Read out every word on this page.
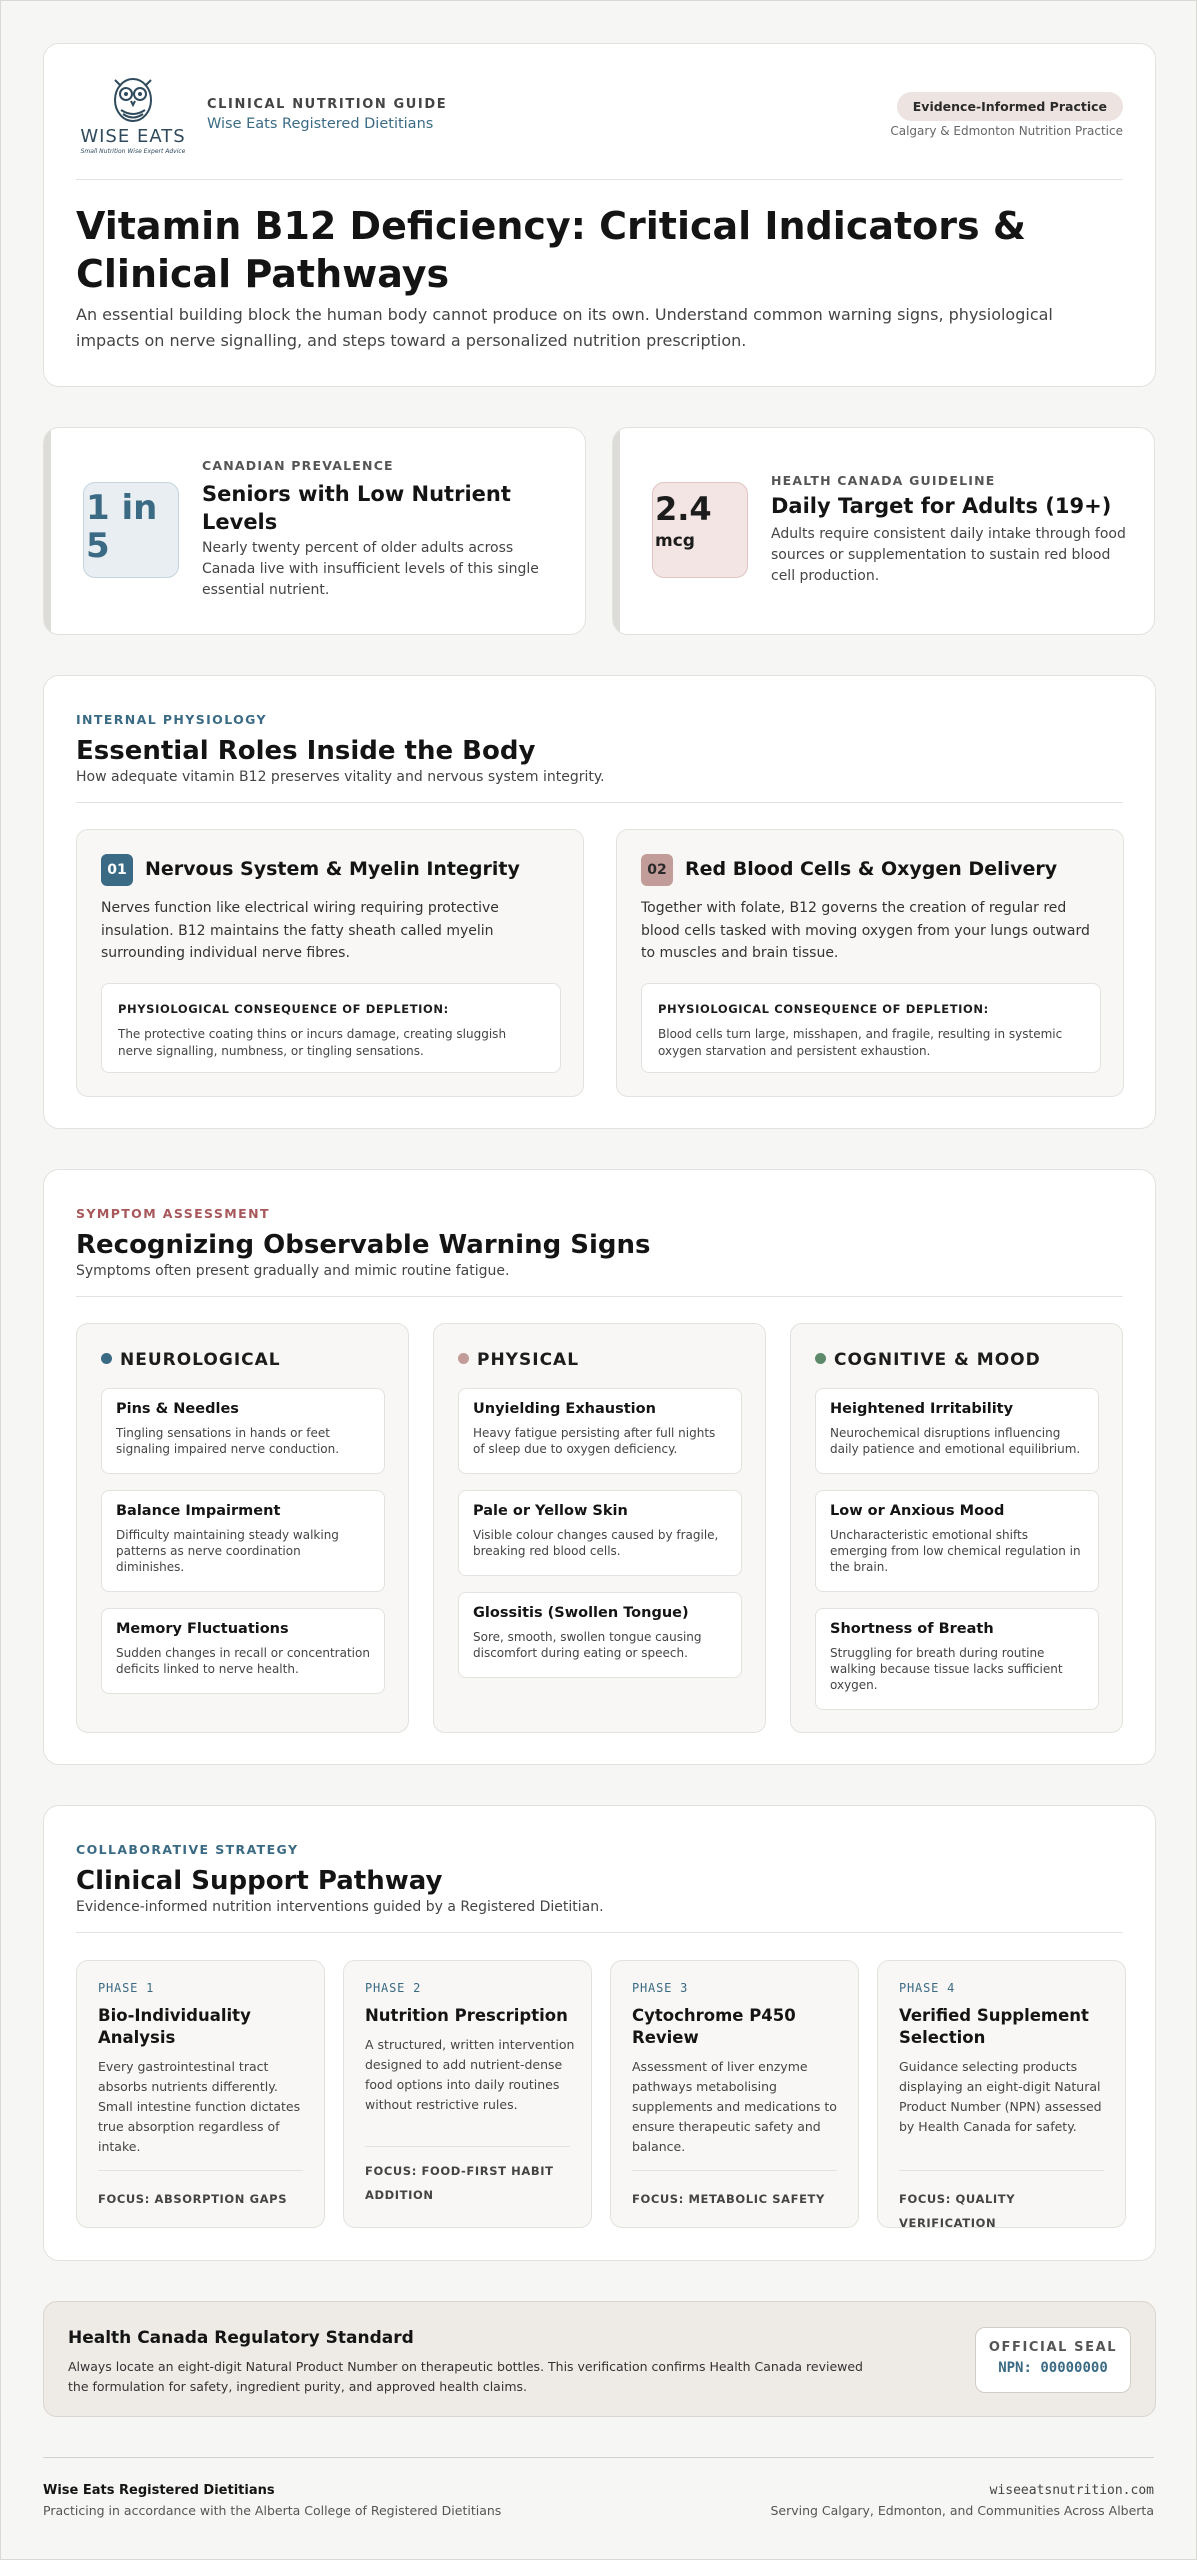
WISE EATS
Small Nutrition Wise Expert Advice
CLINICAL NUTRITION GUIDE
Wise Eats Registered Dietitians
Evidence-Informed Practice
Calgary & Edmonton Nutrition Practice
Vitamin B12 Deficiency: Critical Indicators & Clinical Pathways

An essential building block the human body cannot produce on its own. Understand common warning signs, physiological impacts on nerve signalling, and steps toward a personalized nutrition prescription.

1 in 5
CANADIAN PREVALENCE
Seniors with Low Nutrient Levels
Nearly twenty percent of older adults across Canada live with insufficient levels of this single essential nutrient.
2.4
mcg
HEALTH CANADA GUIDELINE
Daily Target for Adults (19+)
Adults require consistent daily intake through food sources or supplementation to sustain red blood cell production.
INTERNAL PHYSIOLOGY
Essential Roles Inside the Body
How adequate vitamin B12 preserves vitality and nervous system integrity.
01 Nervous System & Myelin Integrity
Nerves function like electrical wiring requiring protective insulation. B12 maintains the fatty sheath called myelin surrounding individual nerve fibres.
PHYSIOLOGICAL CONSEQUENCE OF DEPLETION:
The protective coating thins or incurs damage, creating sluggish nerve signalling, numbness, or tingling sensations.
02 Red Blood Cells & Oxygen Delivery
Together with folate, B12 governs the creation of regular red blood cells tasked with moving oxygen from your lungs outward to muscles and brain tissue.
PHYSIOLOGICAL CONSEQUENCE OF DEPLETION:
Blood cells turn large, misshapen, and fragile, resulting in systemic oxygen starvation and persistent exhaustion.
SYMPTOM ASSESSMENT
Recognizing Observable Warning Signs
Symptoms often present gradually and mimic routine fatigue.
NEUROLOGICAL
Pins & Needles
Tingling sensations in hands or feet signaling impaired nerve conduction.
Balance Impairment
Difficulty maintaining steady walking patterns as nerve coordination diminishes.
Memory Fluctuations
Sudden changes in recall or concentration deficits linked to nerve health.
PHYSICAL
Unyielding Exhaustion
Heavy fatigue persisting after full nights of sleep due to oxygen deficiency.
Pale or Yellow Skin
Visible colour changes caused by fragile, breaking red blood cells.
Glossitis (Swollen Tongue)
Sore, smooth, swollen tongue causing discomfort during eating or speech.
COGNITIVE & MOOD
Heightened Irritability
Neurochemical disruptions influencing daily patience and emotional equilibrium.
Low or Anxious Mood
Uncharacteristic emotional shifts emerging from low chemical regulation in the brain.
Shortness of Breath
Struggling for breath during routine walking because tissue lacks sufficient oxygen.
COLLABORATIVE STRATEGY
Clinical Support Pathway
Evidence-informed nutrition interventions guided by a Registered Dietitian.
PHASE 1
Bio-Individuality Analysis
Every gastrointestinal tract absorbs nutrients differently. Small intestine function dictates true absorption regardless of intake.
FOCUS: ABSORPTION GAPS
PHASE 2
Nutrition Prescription
A structured, written intervention designed to add nutrient-dense food options into daily routines without restrictive rules.
FOCUS: FOOD-FIRST HABIT ADDITION
PHASE 3
Cytochrome P450 Review
Assessment of liver enzyme pathways metabolising supplements and medications to ensure therapeutic safety and balance.
FOCUS: METABOLIC SAFETY
PHASE 4
Verified Supplement Selection
Guidance selecting products displaying an eight-digit Natural Product Number (NPN) assessed by Health Canada for safety.
FOCUS: QUALITY VERIFICATION
Health Canada Regulatory Standard
Always locate an eight-digit Natural Product Number on therapeutic bottles. This verification confirms Health Canada reviewed the formulation for safety, ingredient purity, and approved health claims.
OFFICIAL SEAL
NPN: 00000000
Wise Eats Registered Dietitians
Practicing in accordance with the Alberta College of Registered Dietitians
wiseeatsnutrition.com
Serving Calgary, Edmonton, and Communities Across Alberta
